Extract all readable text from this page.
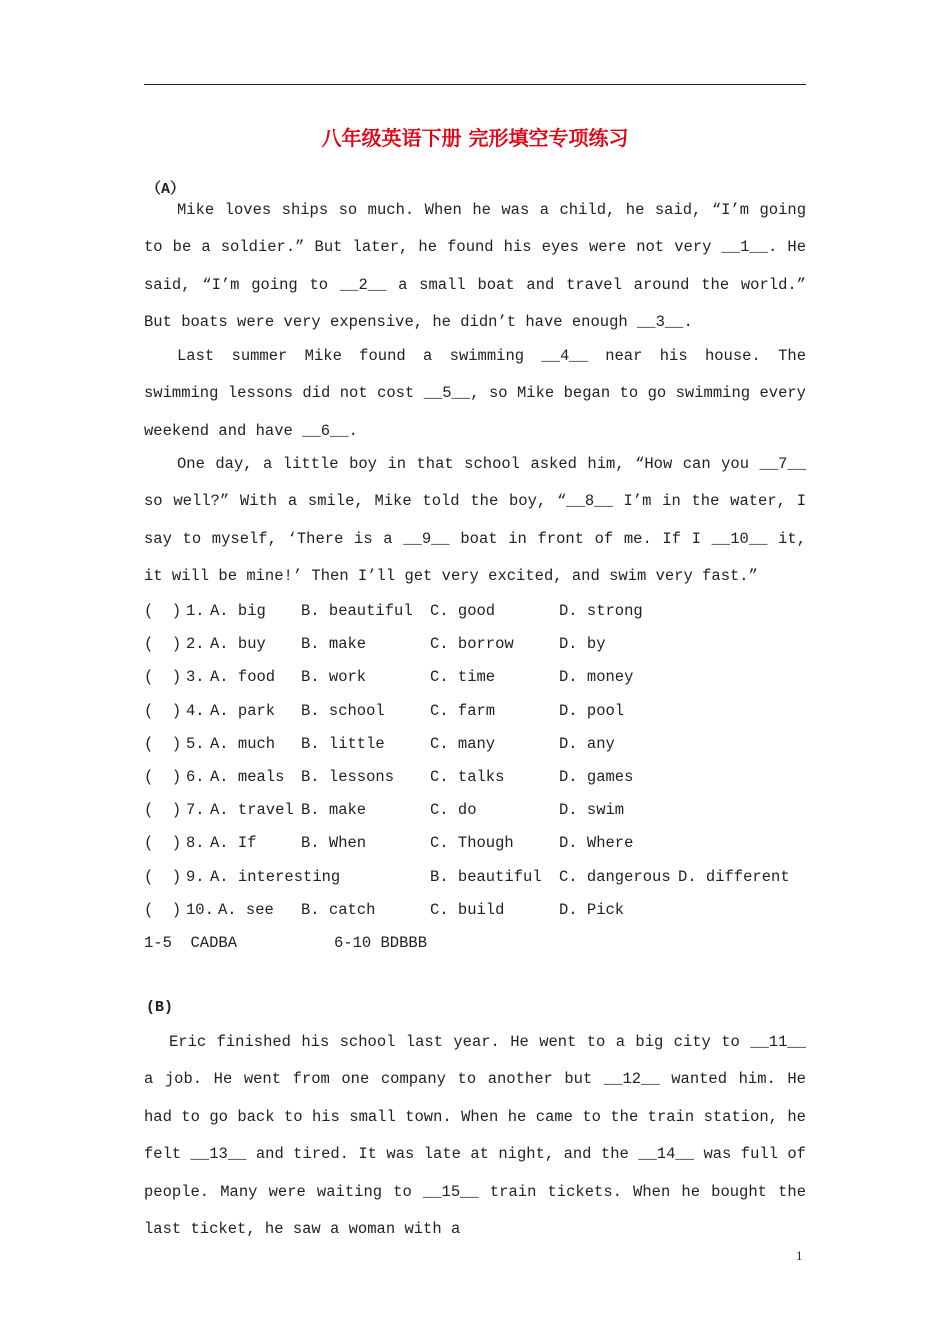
八年级英语下册 完形填空专项练习
（A）

Mike loves ships so much. When he was a child, he said, “I’m going to be a soldier.” But later, he found his eyes were not very __1__. He said, “I’m going to __2__ a small boat and travel around the world.” But boats were very expensive, he didn’t have enough __3__.

Last summer Mike found a swimming __4__ near his house. The swimming lessons did not cost __5__, so Mike began to go swimming every weekend and have __6__.

One day, a little boy in that school asked him, “How can you __7__ so well?” With a smile, Mike told the boy, “__8__ I’m in the water, I say to myself, ‘There is a __9__ boat in front of me. If I __10__ it, it will be mine!’ Then I’ll get very excited, and swim very fast.”

(  ) 1. A. big B. beautiful C. good	D. strong
(  ) 2. A. buy B. make	C. borrow	D. by
(  ) 3. A. food B. work	C. time	D. money
(  ) 4. A. park B. school	C. farm	D. pool
(  ) 5. A. much B. little	C. many	D. any
(  ) 6. A. meals B. lessons C. talks	D. games
(  ) 7. A. travel B. make	C. do	D. swim
(  ) 8. A. If	B. When	C. Though	D. Where
(  ) 9. A. interesting	B. beautiful C. dangerous D. different
(  ) 10. A. see B. catch	C. build	D. Pick
1-5  CADBA	6-10 BDBBB
(B)

Eric finished his school last year. He went to a big city to __11__ a job. He went from one company to another but __12__ wanted him. He had to go back to his small town. When he came to the train station, he felt __13__ and tired. It was late at night, and the __14__ was full of people. Many were waiting to __15__ train tickets. When he bought the last ticket, he saw a woman with a

1
